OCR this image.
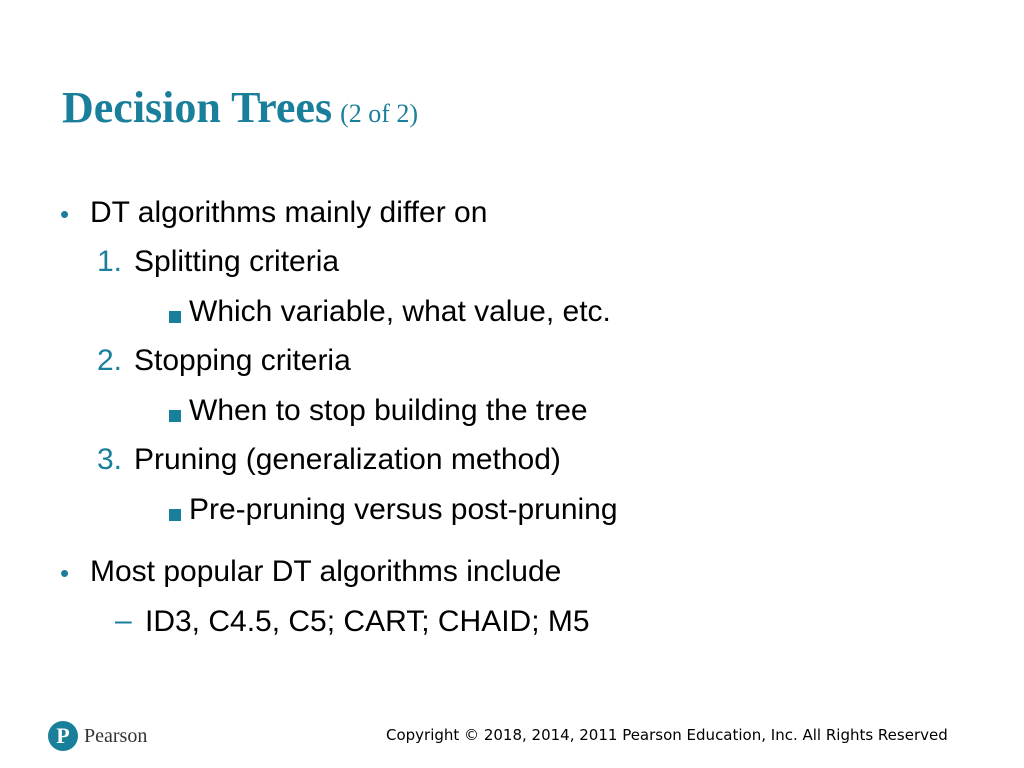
Decision Trees (2 of 2)
• DT algorithms mainly differ on
1. Splitting criteria
Which variable, what value, etc.
2. Stopping criteria
When to stop building the tree
3. Pruning (generalization method)
Pre-pruning versus post-pruning
• Most popular DT algorithms include
– ID3, C4.5, C5; CART; CHAID; M5
P Pearson	Copyright © 2018, 2014, 2011 Pearson Education, Inc. All Rights Reserved
